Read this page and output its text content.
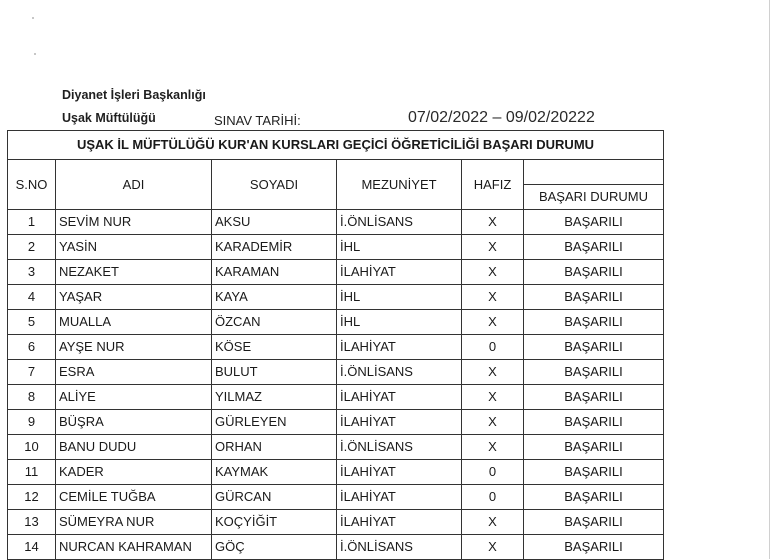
Diyanet İşleri Başkanlığı
Uşak Müftülüğü	SINAV TARİHİ:	07/02/2022 – 09/02/20222
UŞAK İL MÜFTÜLÜĞÜ KUR'AN KURSLARI GEÇİCİ ÖĞRETİCİLİĞİ BAŞARI DURUMU					
S.NO	ADI	SOYADI	MEZUNİYET	HAFIZ	BAŞARI DURUMU

1	SEVİM NUR	AKSU	İ.ÖNLİSANS	X	BAŞARILI
2	YASİN	KARADEMİR	İHL	X	BAŞARILI
3	NEZAKET	KARAMAN	İLAHİYAT	X	BAŞARILI
4	YAŞAR	KAYA	İHL	X	BAŞARILI
5	MUALLA	ÖZCAN	İHL	X	BAŞARILI
6	AYŞE NUR	KÖSE	İLAHİYAT	0	BAŞARILI
7	ESRA	BULUT	İ.ÖNLİSANS	X	BAŞARILI
8	ALİYE	YILMAZ	İLAHİYAT	X	BAŞARILI
9	BÜŞRA	GÜRLEYEN	İLAHİYAT	X	BAŞARILI
10	BANU DUDU	ORHAN	İ.ÖNLİSANS	X	BAŞARILI
11	KADER	KAYMAK	İLAHİYAT	0	BAŞARILI
12	CEMİLE TUĞBA	GÜRCAN	İLAHİYAT	0	BAŞARILI
13	SÜMEYRA NUR	KOÇYİĞİT	İLAHİYAT	X	BAŞARILI
14	NURCAN KAHRAMAN	GÖÇ	İ.ÖNLİSANS	X	BAŞARILI
